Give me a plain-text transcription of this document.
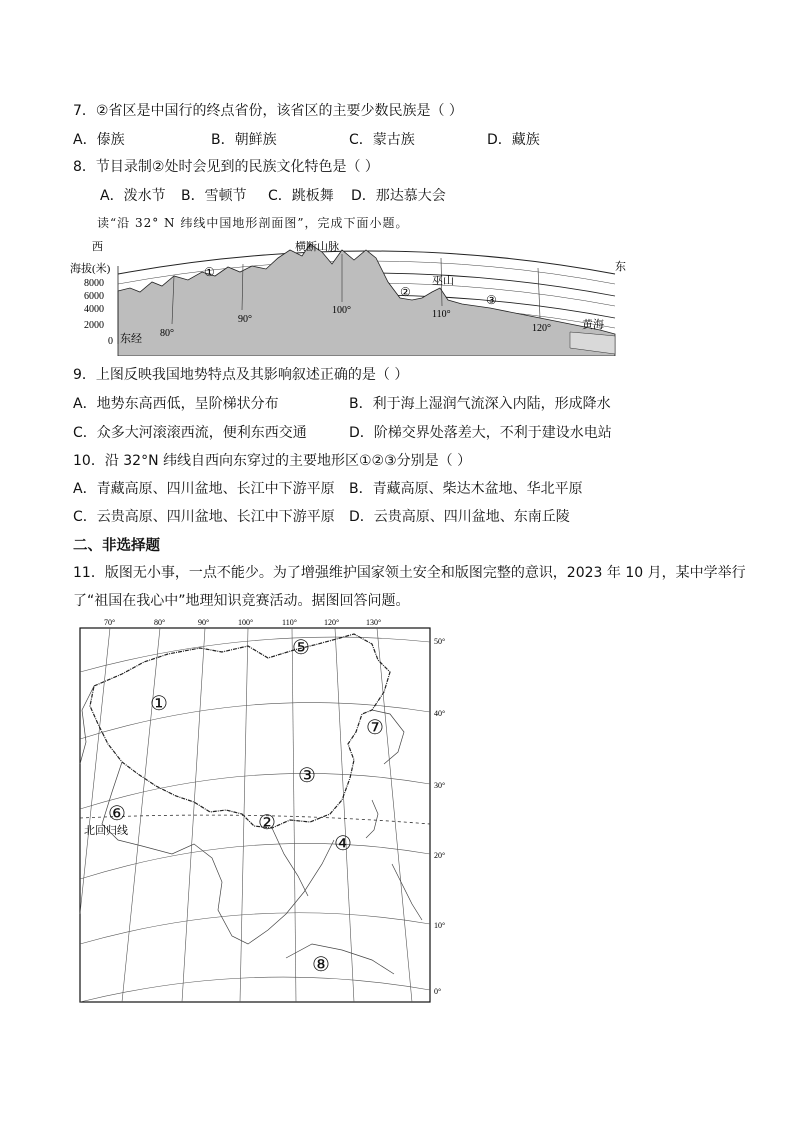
7．②省区是中国行的终点省份，该省区的主要少数民族是（ ）
A．傣族	B．朝鲜族	C．蒙古族	D．藏族
8．节目录制②处时会见到的民族文化特色是（ ）
A．泼水节 B．雪顿节 C．跳板舞 D．那达慕大会
读“沿 32° N 纬线中国地形剖面图”，完成下面小题。
西
东
海拔(米)
8000
6000
4000
2000
0 东经 80°
90°
100°	110°
120°
横断山脉
巫山
黄海
①
②
③
9．上图反映我国地势特点及其影响叙述正确的是（ ）
A．地势东高西低，呈阶梯状分布	B．利于海上湿润气流深入内陆，形成降水
C．众多大河滚滚西流，便利东西交通	D．阶梯交界处落差大，不利于建设水电站
10．沿 32°N 纬线自西向东穿过的主要地形区①②③分别是（ ）
A．青藏高原、四川盆地、长江中下游平原 B．青藏高原、柴达木盆地、华北平原
C．云贵高原、四川盆地、长江中下游平原 D．云贵高原、四川盆地、东南丘陵
二、非选择题
11．版图无小事，一点不能少。为了增强维护国家领土安全和版图完整的意识，2023 年 10 月，某中学举行
了“祖国在我心中”地理知识竞赛活动。据图回答问题。
50°
40°
30°
20°
10°
0°
70°	80°	90°	100°	110°	120°	130°
北回归线
①
②
③
④
⑤
⑥
⑦
⑧
